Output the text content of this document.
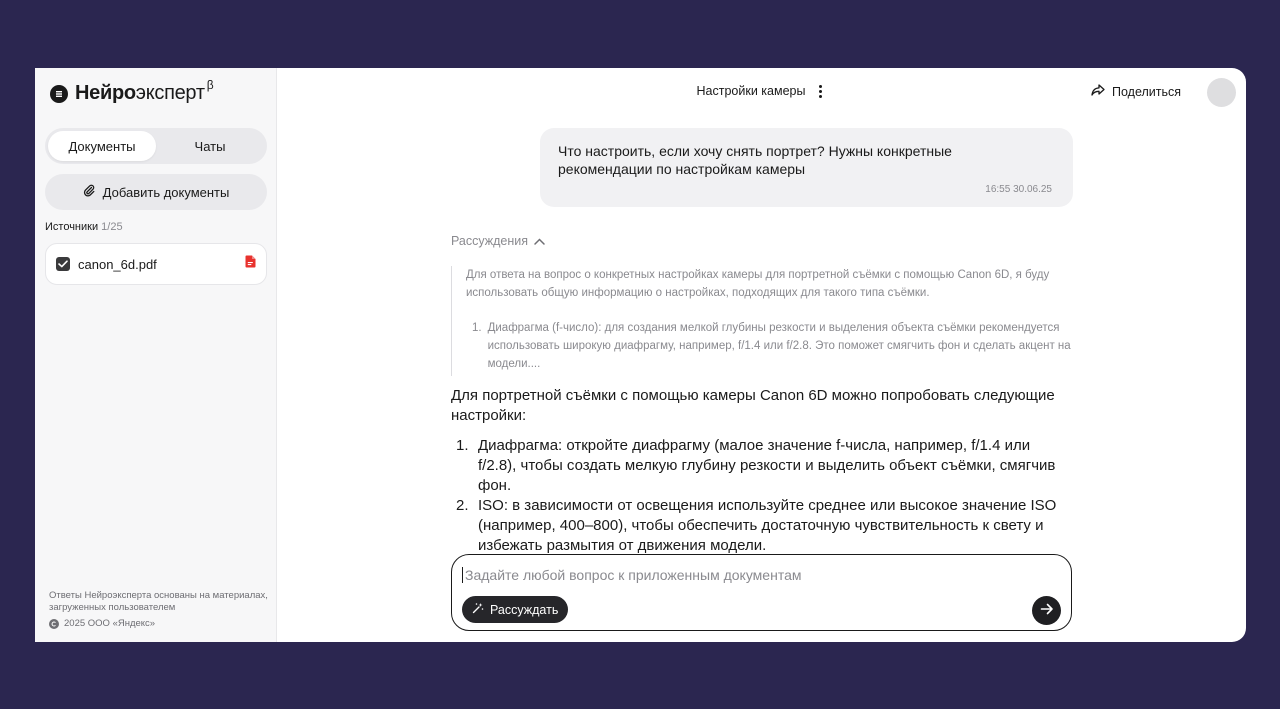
Нейро эксперт$^\beta$
Документы	Чаты
Добавить документы
Источники 1/25
canon_6d.pdf
Ответы Нейроэксперта основаны на материалах, загруженных пользователем
2025 ООО «Яндекс»
Настройки камеры	Поделиться
Что настроить, если хочу снять портрет? Нужны конкретные рекомендации по настройкам камеры
16:55 30.06.25
Рассуждения

Для ответа на вопрос о конкретных настройках камеры для портретной съёмки с помощью Canon 6D, я буду использовать общую информацию о настройках, подходящих для такого типа съёмки.

1. Диафрагма (f-число): для создания мелкой глубины резкости и выделения объекта съёмки рекомендуется использовать широкую диафрагму, например, f/1.4 или f/2.8. Это поможет смягчить фон и сделать акцент на модели....
Для портретной съёмки с помощью камеры Canon 6D можно попробовать следующие настройки:
1. Диафрагма: откройте диафрагму (малое значение f-числа, например, f/1.4 или f/2.8), чтобы создать мелкую глубину резкости и выделить объект съёмки, смягчив фон.
2. ISO: в зависимости от освещения используйте среднее или высокое значение ISO (например, 400–800), чтобы обеспечить достаточную чувствительность к свету и избежать размытия от движения модели.
Задайте любой вопрос к приложенным документам
Рассуждать
